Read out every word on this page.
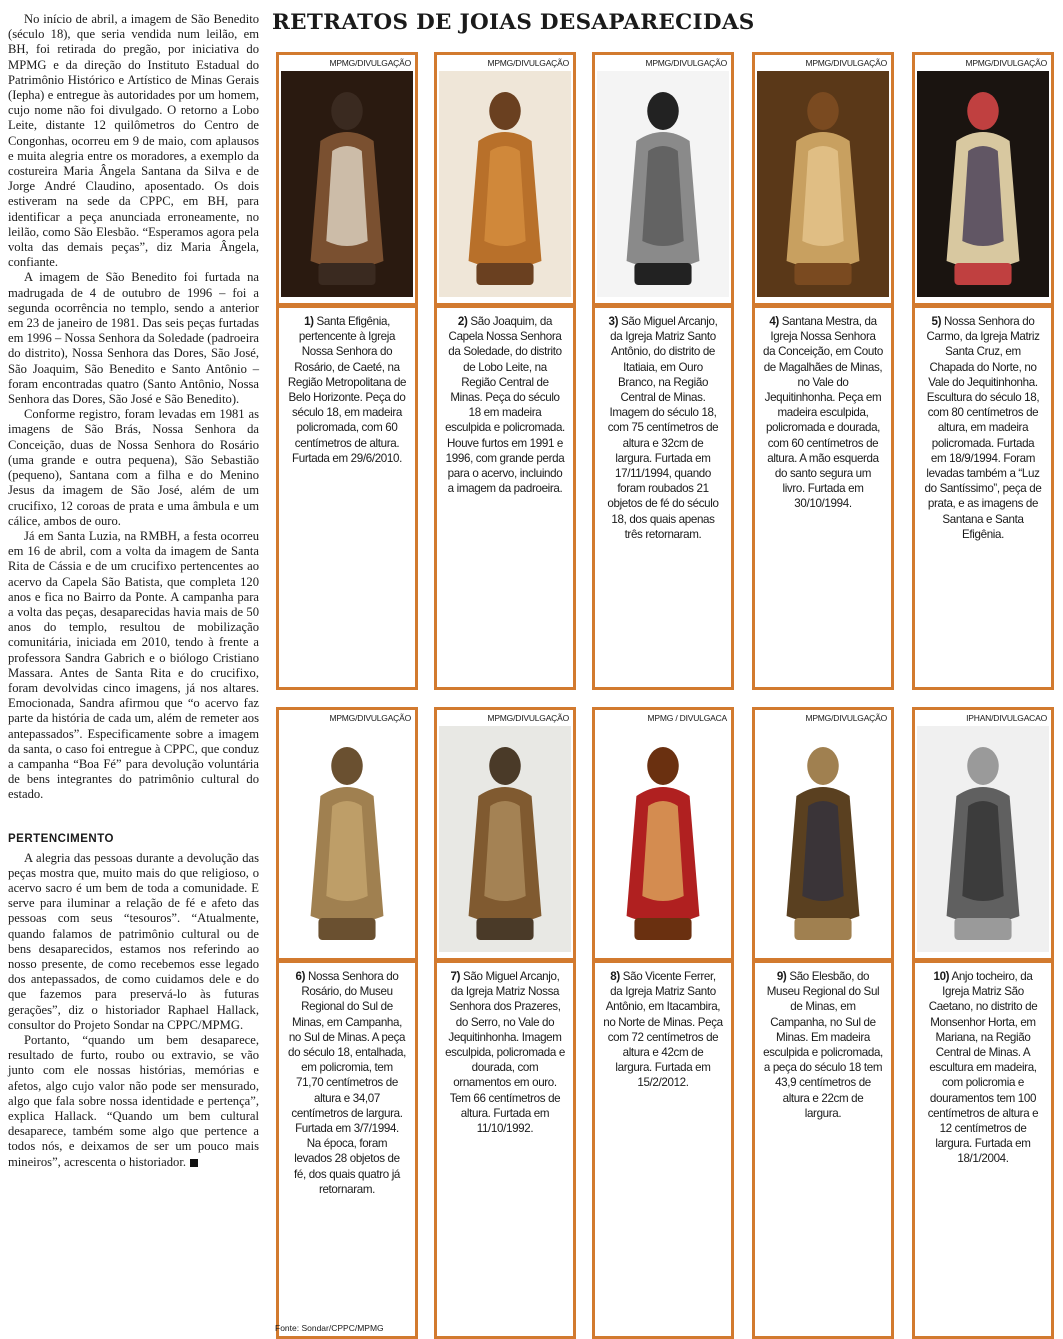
No início de abril, a imagem de São Benedito (século 18), que seria vendida num leilão, em BH, foi retirada do pregão, por iniciativa do MPMG e da direção do Instituto Estadual do Patrimônio Histórico e Artístico de Minas Gerais (Iepha) e entregue às autoridades por um homem, cujo nome não foi divulgado. O retorno a Lobo Leite, distante 12 quilômetros do Centro de Congonhas, ocorreu em 9 de maio, com aplausos e muita alegria entre os moradores, a exemplo da costureira Maria Ângela Santana da Silva e de Jorge André Claudino, aposentado. Os dois estiveram na sede da CPPC, em BH, para identificar a peça anunciada erroneamente, no leilão, como São Elesbão. “Esperamos agora pela volta das demais peças”, diz Maria Ângela, confiante.

A imagem de São Benedito foi furtada na madrugada de 4 de outubro de 1996 – foi a segunda ocorrência no templo, sendo a anterior em 23 de janeiro de 1981. Das seis peças furtadas em 1996 – Nossa Senhora da Soledade (padroeira do distrito), Nossa Senhora das Dores, São José, São Joaquim, São Benedito e Santo Antônio – foram encontradas quatro (Santo Antônio, Nossa Senhora das Dores, São José e São Benedito).

Conforme registro, foram levadas em 1981 as imagens de São Brás, Nossa Senhora da Conceição, duas de Nossa Senhora do Rosário (uma grande e outra pequena), São Sebastião (pequeno), Santana com a filha e do Menino Jesus da imagem de São José, além de um crucifixo, 12 coroas de prata e uma âmbula e um cálice, ambos de ouro.

Já em Santa Luzia, na RMBH, a festa ocorreu em 16 de abril, com a volta da imagem de Santa Rita de Cássia e de um crucifixo pertencentes ao acervo da Capela São Batista, que completa 120 anos e fica no Bairro da Ponte. A campanha para a volta das peças, desaparecidas havia mais de 50 anos do templo, resultou de mobilização comunitária, iniciada em 2010, tendo à frente a professora Sandra Gabrich e o biólogo Cristiano Massara. Antes de Santa Rita e do crucifixo, foram devolvidas cinco imagens, já nos altares. Emocionada, Sandra afirmou que “o acervo faz parte da história de cada um, além de remeter aos antepassados”. Especificamente sobre a imagem da santa, o caso foi entregue à CPPC, que conduz a campanha “Boa Fé” para devolução voluntária de bens integrantes do patrimônio cultural do estado.

PERTENCIMENTO

A alegria das pessoas durante a devolução das peças mostra que, muito mais do que religioso, o acervo sacro é um bem de toda a comunidade. E serve para iluminar a relação de fé e afeto das pessoas com seus “tesouros”. “Atualmente, quando falamos de patrimônio cultural ou de bens desaparecidos, estamos nos referindo ao nosso presente, de como recebemos esse legado dos antepassados, de como cuidamos dele e do que fazemos para preservá-lo às futuras gerações”, diz o historiador Raphael Hallack, consultor do Projeto Sondar na CPPC/MPMG.

Portanto, “quando um bem desaparece, resultado de furto, roubo ou extravio, se vão junto com ele nossas histórias, memórias e afetos, algo cujo valor não pode ser mensurado, algo que fala sobre nossa identidade e pertença”, explica Hallack. “Quando um bem cultural desaparece, também some algo que pertence a todos nós, e deixamos de ser um pouco mais mineiros”, acrescenta o historiador.

RETRATOS DE JOIAS DESAPARECIDAS
MPMG/DIVULGAÇÃO
1) Santa Efigênia, pertencente à Igreja Nossa Senhora do Rosário, de Caeté, na Região Metropolitana de Belo Horizonte. Peça do século 18, em madeira policromada, com 60 centímetros de altura. Furtada em 29/6/2010.
MPMG/DIVULGAÇÃO
2) São Joaquim, da Capela Nossa Senhora da Soledade, do distrito de Lobo Leite, na Região Central de Minas. Peça do século 18 em madeira esculpida e policromada. Houve furtos em 1991 e 1996, com grande perda para o acervo, incluindo a imagem da padroeira.
MPMG/DIVULGAÇÃO
3) São Miguel Arcanjo, da Igreja Matriz Santo Antônio, do distrito de Itatiaia, em Ouro Branco, na Região Central de Minas. Imagem do século 18, com 75 centímetros de altura e 32cm de largura. Furtada em 17/11/1994, quando foram roubados 21 objetos de fé do século 18, dos quais apenas três retornaram.
MPMG/DIVULGAÇÃO
4) Santana Mestra, da Igreja Nossa Senhora da Conceição, em Couto de Magalhães de Minas, no Vale do Jequitinhonha. Peça em madeira esculpida, policromada e dourada, com 60 centímetros de altura. A mão esquerda do santo segura um livro. Furtada em 30/10/1994.
MPMG/DIVULGAÇÃO
5) Nossa Senhora do Carmo, da Igreja Matriz Santa Cruz, em Chapada do Norte, no Vale do Jequitinhonha. Escultura do século 18, com 80 centímetros de altura, em madeira policromada. Furtada em 18/9/1994. Foram levadas também a “Luz do Santíssimo”, peça de prata, e as imagens de Santana e Santa Efigênia.
MPMG/DIVULGAÇÃO
6) Nossa Senhora do Rosário, do Museu Regional do Sul de Minas, em Campanha, no Sul de Minas. A peça do século 18, entalhada, em policromia, tem 71,70 centímetros de altura e 34,07 centímetros de largura. Furtada em 3/7/1994. Na época, foram levados 28 objetos de fé, dos quais quatro já retornaram.
MPMG/DIVULGAÇÃO
7) São Miguel Arcanjo, da Igreja Matriz Nossa Senhora dos Prazeres, do Serro, no Vale do Jequitinhonha. Imagem esculpida, policromada e dourada, com ornamentos em ouro. Tem 66 centímetros de altura. Furtada em 11/10/1992.
MPMG / DIVULGACA
8) São Vicente Ferrer, da Igreja Matriz Santo Antônio, em Itacambira, no Norte de Minas. Peça com 72 centímetros de altura e 42cm de largura. Furtada em 15/2/2012.
MPMG/DIVULGAÇÃO
9) São Elesbão, do Museu Regional do Sul de Minas, em Campanha, no Sul de Minas. Em madeira esculpida e policromada, a peça do século 18 tem 43,9 centímetros de altura e 22cm de largura.
IPHAN/DIVULGACAO
10) Anjo tocheiro, da Igreja Matriz São Caetano, no distrito de Monsenhor Horta, em Mariana, na Região Central de Minas. A escultura em madeira, com policromia e douramentos tem 100 centímetros de altura e 12 centímetros de largura. Furtada em 18/1/2004.
Fonte: Sondar/CPPC/MPMG
